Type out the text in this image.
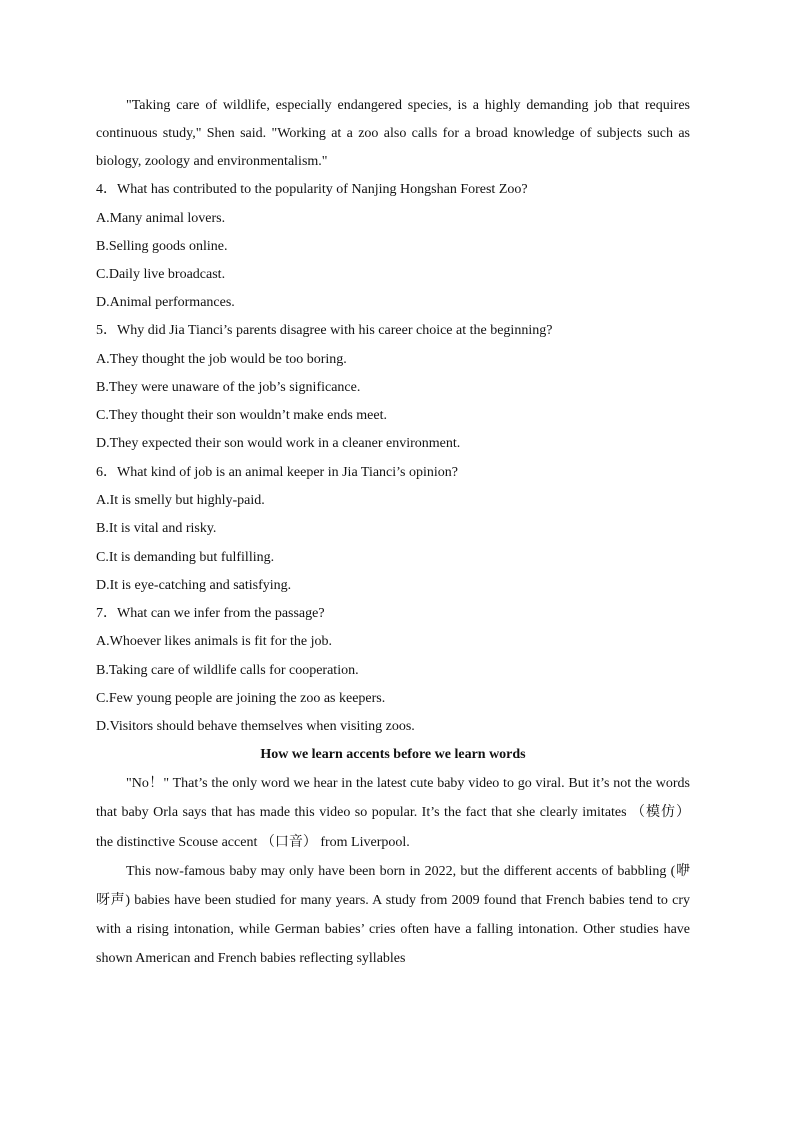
"Taking care of wildlife, especially endangered species, is a highly demanding job that requires continuous study," Shen said. "Working at a zoo also calls for a broad knowledge of subjects such as biology, zoology and environmentalism."

4．What has contributed to the popularity of Nanjing Hongshan Forest Zoo?

A.Many animal lovers.

B.Selling goods online.

C.Daily live broadcast.

D.Animal performances.

5．Why did Jia Tianci’s parents disagree with his career choice at the beginning?

A.They thought the job would be too boring.

B.They were unaware of the job’s significance.

C.They thought their son wouldn’t make ends meet.

D.They expected their son would work in a cleaner environment.

6．What kind of job is an animal keeper in Jia Tianci’s opinion?

A.It is smelly but highly-paid.

B.It is vital and risky.

C.It is demanding but fulfilling.

D.It is eye-catching and satisfying.

7．What can we infer from the passage?

A.Whoever likes animals is fit for the job.

B.Taking care of wildlife calls for cooperation.

C.Few young people are joining the zoo as keepers.

D.Visitors should behave themselves when visiting zoos.

How we learn accents before we learn words

"No！" That’s the only word we hear in the latest cute baby video to go viral. But it’s not the words that baby Orla says that has made this video so popular. It’s the fact that she clearly imitates （模仿） the distinctive Scouse accent （口音） from Liverpool.

This now-famous baby may only have been born in 2022, but the different accents of babbling (咿呀声) babies have been studied for many years. A study from 2009 found that French babies tend to cry with a rising intonation, while German babies’ cries often have a falling intonation. Other studies have shown American and French babies reflecting syllables
